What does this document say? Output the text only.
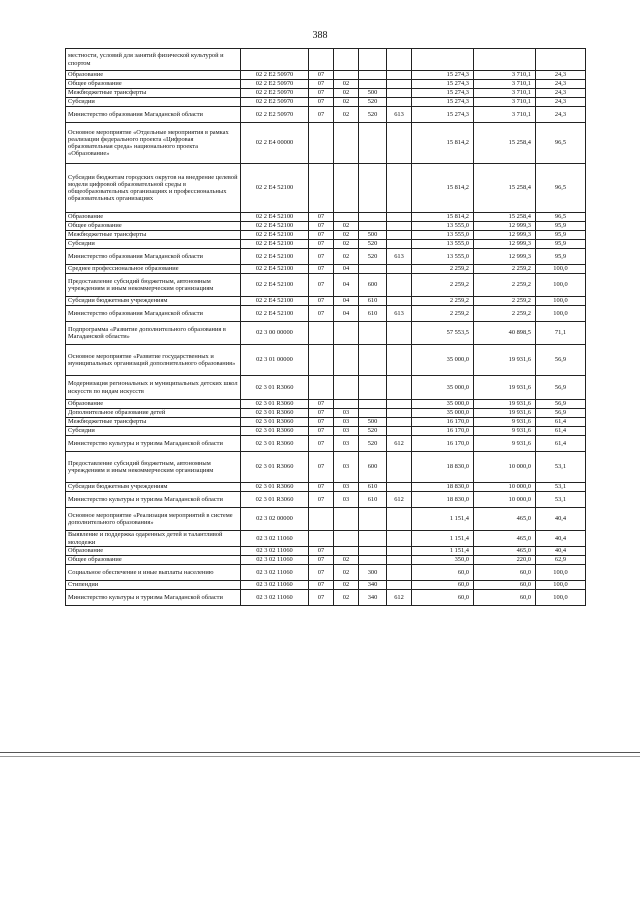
388
местности, условий для занятий физической культурой и спортом								
Образование	02 2 Е2 50970	07				15 274,3	3 710,1	24,3
Общее образование	02 2 Е2 50970	07	02			15 274,3	3 710,1	24,3
Межбюджетные трансферты	02 2 Е2 50970	07	02	500		15 274,3	3 710,1	24,3
Субсидии	02 2 Е2 50970	07	02	520		15 274,3	3 710,1	24,3
Министерство образования Магаданской области	02 2 Е2 50970	07	02	520	613	15 274,3	3 710,1	24,3
Основное мероприятие «Отдельные мероприятия в рамках реализации федерального проекта «Цифровая образовательная среда» национального проекта «Образование»	02 2 Е4 00000					15 814,2	15 258,4	96,5
Субсидии бюджетам городских округов на внедрение целевой модели цифровой образовательной среды в общеобразовательных организациях и профессиональных образовательных организациях	02 2 Е4 52100					15 814,2	15 258,4	96,5
Образование	02 2 Е4 52100	07				15 814,2	15 258,4	96,5
Общее образование	02 2 Е4 52100	07	02			13 555,0	12 999,3	95,9
Межбюджетные трансферты	02 2 Е4 52100	07	02	500		13 555,0	12 999,3	95,9
Субсидии	02 2 Е4 52100	07	02	520		13 555,0	12 999,3	95,9
Министерство образования Магаданской области	02 2 Е4 52100	07	02	520	613	13 555,0	12 999,3	95,9
Среднее профессиональное образование	02 2 Е4 52100	07	04			2 259,2	2 259,2	100,0
Предоставление субсидий бюджетным, автономным учреждениям и иным некоммерческим организациям	02 2 Е4 52100	07	04	600		2 259,2	2 259,2	100,0
Субсидии бюджетным учреждениям	02 2 Е4 52100	07	04	610		2 259,2	2 259,2	100,0
Министерство образования Магаданской области	02 2 Е4 52100	07	04	610	613	2 259,2	2 259,2	100,0
Подпрограмма «Развитие дополнительного образования в Магаданской области»	02 3 00 00000					57 553,5	40 898,5	71,1
Основное мероприятие «Развитие государственных и муниципальных организаций дополнительного образования»	02 3 01 00000					35 000,0	19 931,6	56,9
Модернизация региональных и муниципальных детских школ искусств по видам искусств	02 3 01 R3060					35 000,0	19 931,6	56,9
Образование	02 3 01 R3060	07				35 000,0	19 931,6	56,9
Дополнительное образование детей	02 3 01 R3060	07	03			35 000,0	19 931,6	56,9
Межбюджетные трансферты	02 3 01 R3060	07	03	500		16 170,0	9 931,6	61,4
Субсидии	02 3 01 R3060	07	03	520		16 170,0	9 931,6	61,4
Министерство культуры и туризма Магаданской области	02 3 01 R3060	07	03	520	612	16 170,0	9 931,6	61,4
Предоставление субсидий бюджетным, автономным учреждениям и иным некоммерческим организациям	02 3 01 R3060	07	03	600		18 830,0	10 000,0	53,1
Субсидии бюджетным учреждениям	02 3 01 R3060	07	03	610		18 830,0	10 000,0	53,1
Министерство культуры и туризма Магаданской области	02 3 01 R3060	07	03	610	612	18 830,0	10 000,0	53,1
Основное мероприятие «Реализация мероприятий в системе дополнительного образования»	02 3 02 00000					1 151,4	465,0	40,4
Выявление и поддержка одаренных детей и талантливой молодежи	02 3 02 11060					1 151,4	465,0	40,4
Образование	02 3 02 11060	07				1 151,4	465,0	40,4
Общее образование	02 3 02 11060	07	02			350,0	220,0	62,9
Социальное обеспечение и иные выплаты населению	02 3 02 11060	07	02	300		60,0	60,0	100,0
Стипендии	02 3 02 11060	07	02	340		60,0	60,0	100,0
Министерство культуры и туризма Магаданской области	02 3 02 11060	07	02	340	612	60,0	60,0	100,0
